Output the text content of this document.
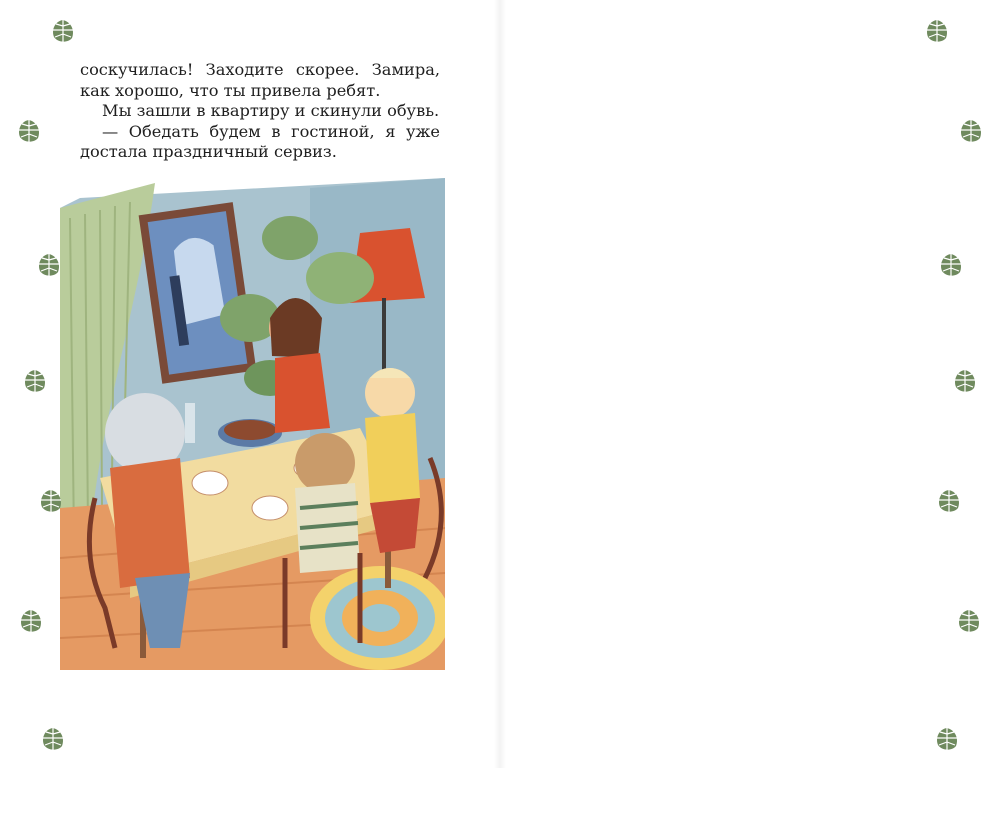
соскучилась! Заходите скорее. Замира, как хорошо, что ты привела ребят.

Мы зашли в квартиру и скинули обувь.

— Обедать будем в гостиной, я уже достала праздничный сервиз.
